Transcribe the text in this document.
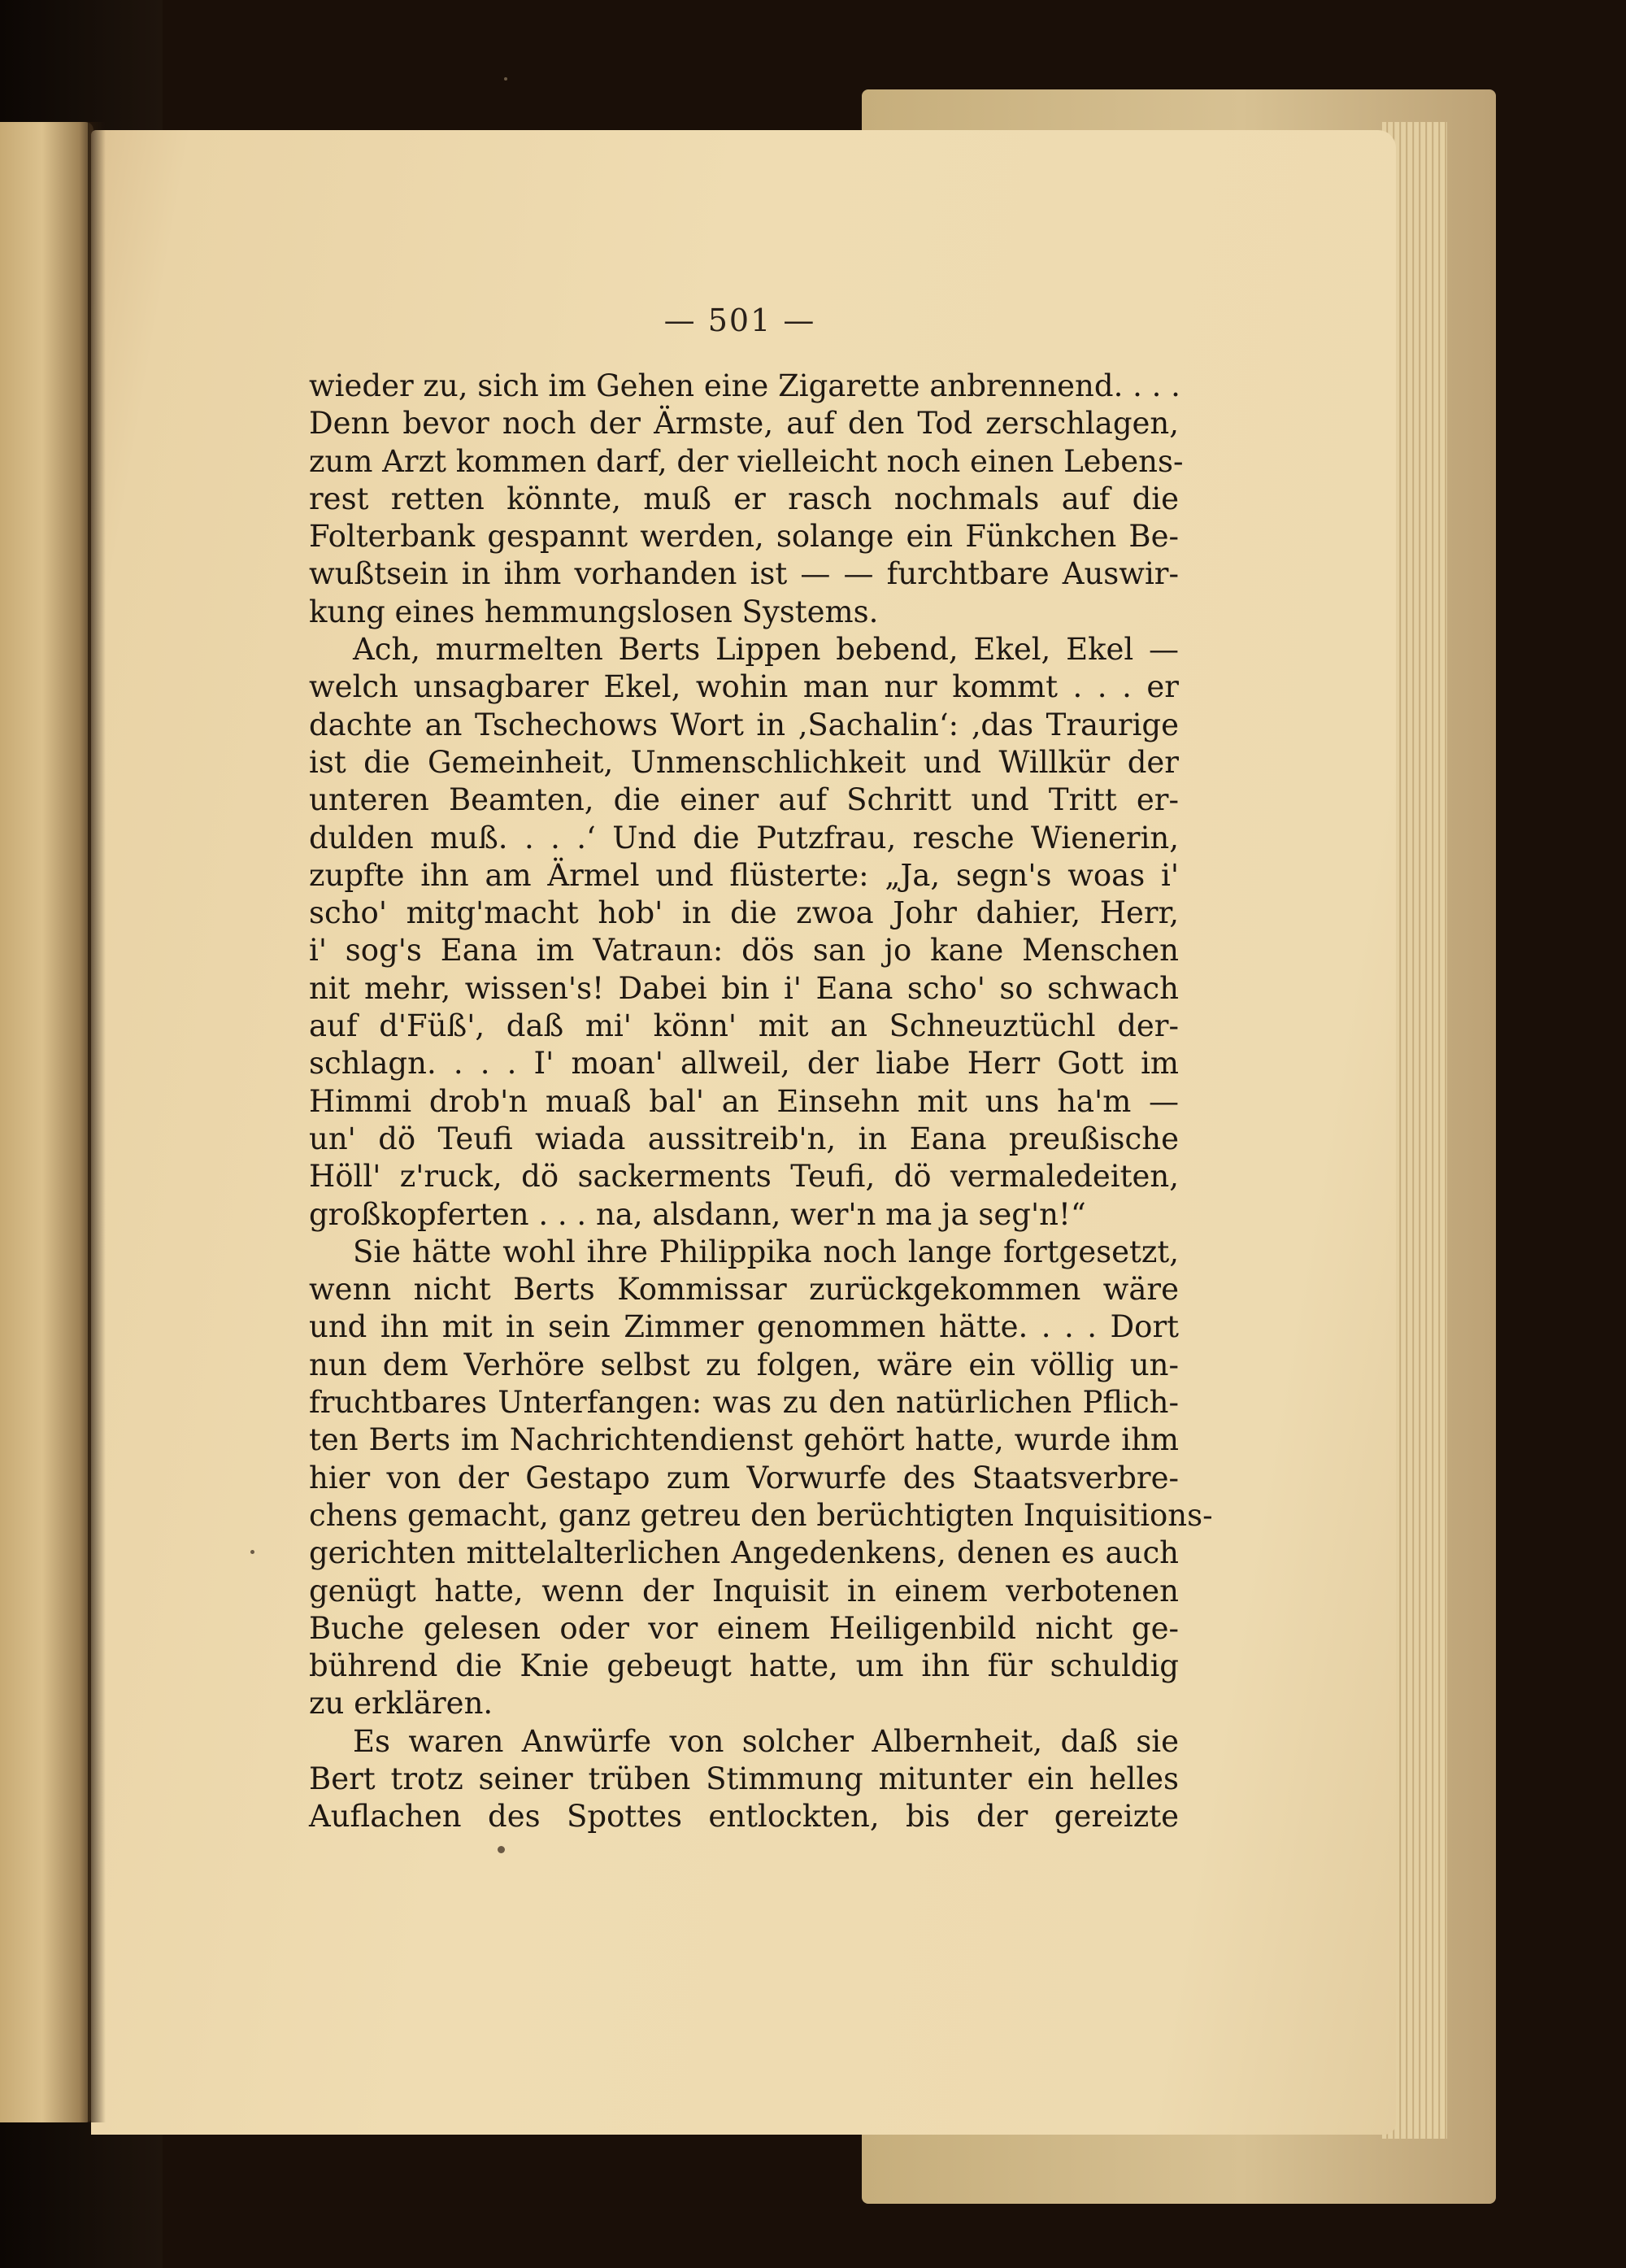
— 501 —
wieder zu, sich im Gehen eine Zigarette anbrennend. . . .
Denn bevor noch der Ärmste, auf den Tod zerschlagen,
zum Arzt kommen darf, der vielleicht noch einen Lebens-
rest retten könnte, muß er rasch nochmals auf die
Folterbank gespannt werden, solange ein Fünkchen Be-
wußtsein in ihm vorhanden ist — — furchtbare Auswir-
kung eines hemmungslosen Systems.
Ach, murmelten Berts Lippen bebend, Ekel, Ekel —
welch unsagbarer Ekel, wohin man nur kommt . . . er
dachte an Tschechows Wort in ‚Sachalin‘: ‚das Traurige
ist die Gemeinheit, Unmenschlichkeit und Willkür der
unteren Beamten, die einer auf Schritt und Tritt er-
dulden muß. . . .‘ Und die Putzfrau, resche Wienerin,
zupfte ihn am Ärmel und flüsterte: „Ja, segn's woas i'
scho' mitg'macht hob' in die zwoa Johr dahier, Herr,
i' sog's Eana im Vatraun: dös san jo kane Menschen
nit mehr, wissen's! Dabei bin i' Eana scho' so schwach
auf d'Füß', daß mi' könn' mit an Schneuztüchl der-
schlagn. . . . I' moan' allweil, der liabe Herr Gott im
Himmi drob'n muaß bal' an Einsehn mit uns ha'm —
un' dö Teufi wiada aussitreib'n, in Eana preußische
Höll' z'ruck, dö sackerments Teufi, dö vermaledeiten,
großkopferten . . . na, alsdann, wer'n ma ja seg'n!“
Sie hätte wohl ihre Philippika noch lange fortgesetzt,
wenn nicht Berts Kommissar zurückgekommen wäre
und ihn mit in sein Zimmer genommen hätte. . . . Dort
nun dem Verhöre selbst zu folgen, wäre ein völlig un-
fruchtbares Unterfangen: was zu den natürlichen Pflich-
ten Berts im Nachrichtendienst gehört hatte, wurde ihm
hier von der Gestapo zum Vorwurfe des Staatsverbre-
chens gemacht, ganz getreu den berüchtigten Inquisitions-
gerichten mittelalterlichen Angedenkens, denen es auch
genügt hatte, wenn der Inquisit in einem verbotenen
Buche gelesen oder vor einem Heiligenbild nicht ge-
bührend die Knie gebeugt hatte, um ihn für schuldig
zu erklären.
Es waren Anwürfe von solcher Albernheit, daß sie
Bert trotz seiner trüben Stimmung mitunter ein helles
Auflachen des Spottes entlockten, bis der gereizte
